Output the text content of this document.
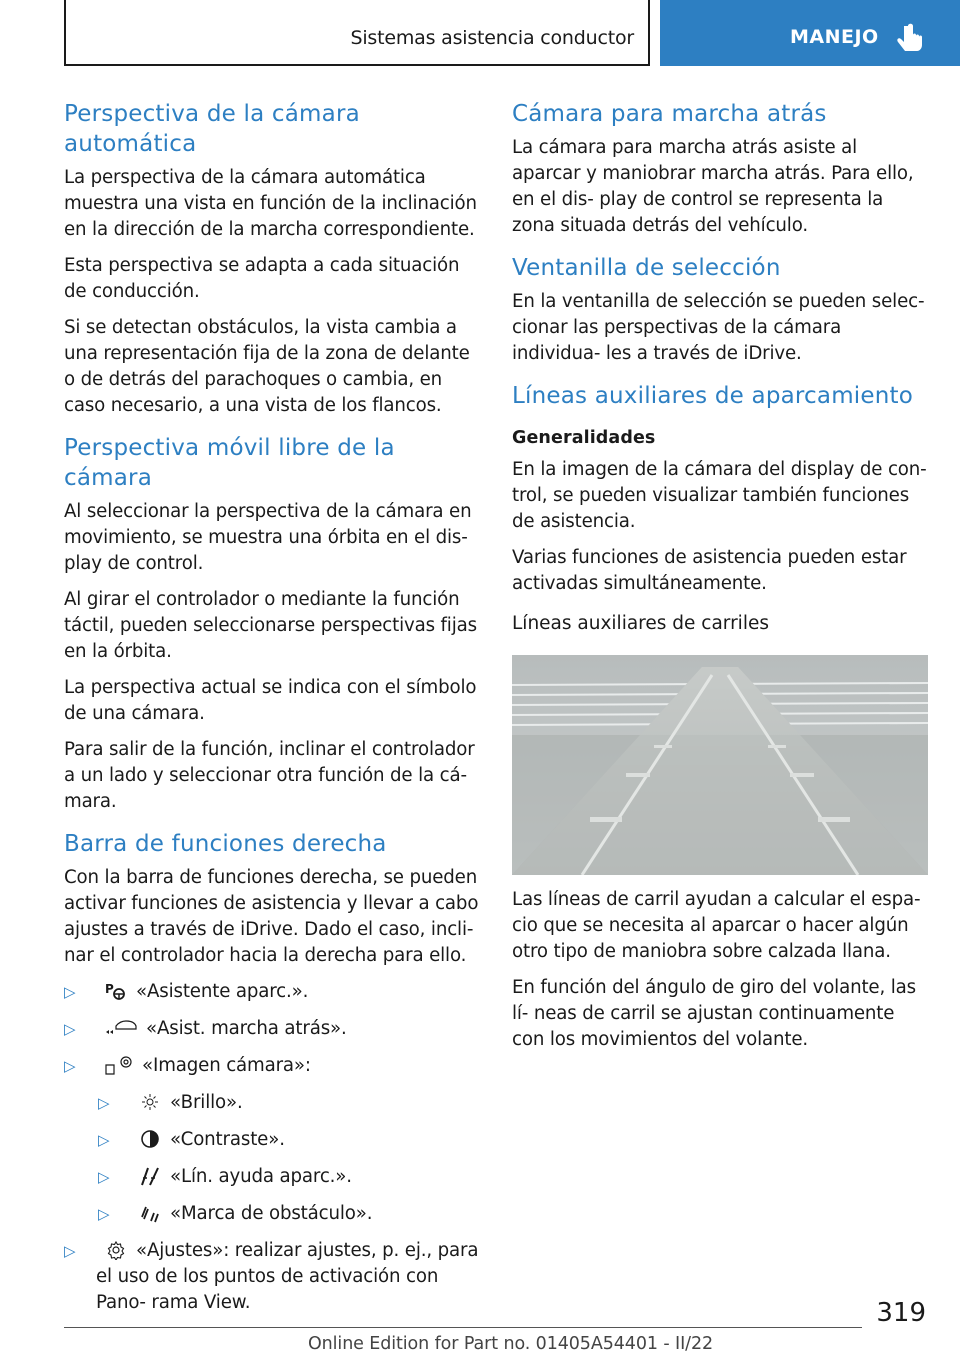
Sistemas asistencia conductor	MANEJO
Perspectiva de la cámara automática

La perspectiva de la cámara automática muestra una vista en función de la inclinación en la dirección de la marcha correspondiente.

Esta perspectiva se adapta a cada situación de conducción.

Si se detectan obstáculos, la vista cambia a una representación fija de la zona de delante o de detrás del parachoques o cambia, en caso necesario, a una vista de los flancos.

Perspectiva móvil libre de la cámara

Al seleccionar la perspectiva de la cámara en movimiento, se muestra una órbita en el dis‐ play de control.

Al girar el controlador o mediante la función táctil, pueden seleccionarse perspectivas fijas en la órbita.

La perspectiva actual se indica con el símbolo de una cámara.

Para salir de la función, inclinar el controlador a un lado y seleccionar otra función de la cá‐ mara.

Barra de funciones derecha

Con la barra de funciones derecha, se pueden activar funciones de asistencia y llevar a cabo ajustes a través de iDrive. Dado el caso, incli‐ nar el controlador hacia la derecha para ello.

▷ P «Asistente aparc.».
▷	«Asist. marcha atrás».
▷	«Imagen cámara»:
▷	«Brillo».
▷	«Contraste».
▷	«Lín. ayuda aparc.».
▷	«Marca de obstáculo».
▷	«Ajustes»: realizar ajustes, p. ej., para el uso de los puntos de activación con Pano‐ rama View.
Cámara para marcha atrás

La cámara para marcha atrás asiste al aparcar y maniobrar marcha atrás. Para ello, en el dis‐ play de control se representa la zona situada detrás del vehículo.

Ventanilla de selección

En la ventanilla de selección se pueden selec‐ cionar las perspectivas de la cámara individua‐ les a través de iDrive.

Líneas auxiliares de aparcamiento
Generalidades

En la imagen de la cámara del display de con‐ trol, se pueden visualizar también funciones de asistencia.

Varias funciones de asistencia pueden estar activadas simultáneamente.

Líneas auxiliares de carriles

Las líneas de carril ayudan a calcular el espa‐ cio que se necesita al aparcar o hacer algún otro tipo de maniobra sobre calzada llana.

En función del ángulo de giro del volante, las lí‐ neas de carril se ajustan continuamente con los movimientos del volante.

319
Online Edition for Part no. 01405A54401 - II/22
